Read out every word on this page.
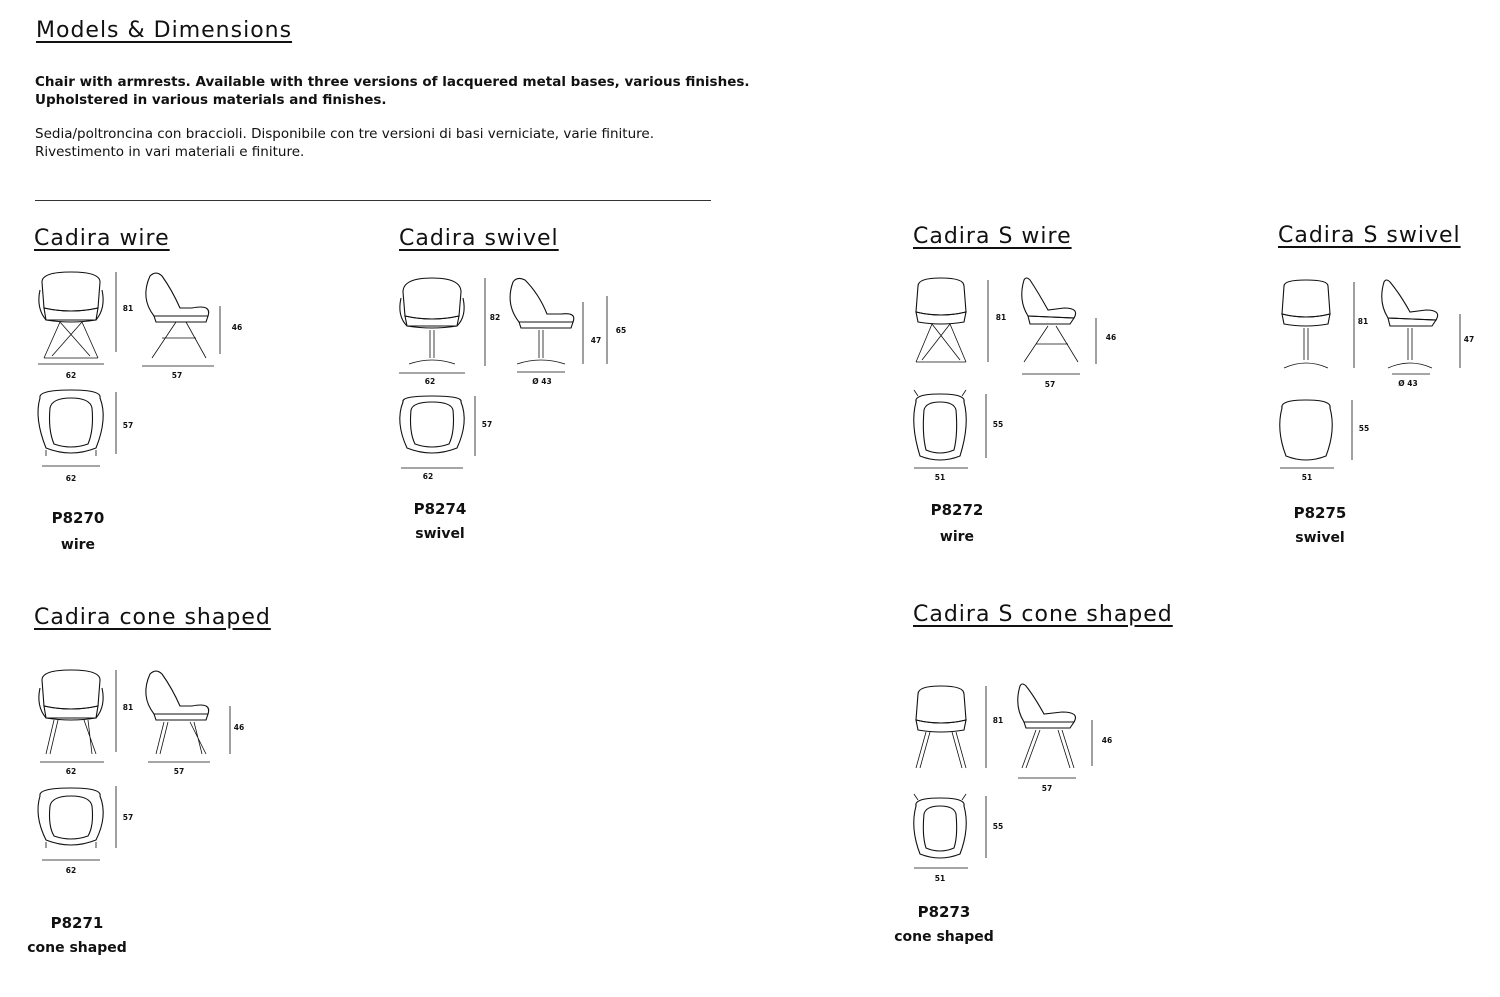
Models & Dimensions
Chair with armrests. Available with three versions of lacquered metal bases, various finishes.
Upholstered in various materials and finishes.
Sedia/poltroncina con braccioli. Disponibile con tre versioni di basi verniciate, varie finiture.
Rivestimento in vari materiali e finiture.
Cadira wire
81
62
46
57
57
62
P8270
wire
Cadira swivel
82
62
47
65
Ø 43
57
62
P8274
swivel
Cadira S wire
81
46
57
55
51
P8272
wire
Cadira S swivel
81
47
Ø 43
55
51
P8275
swivel
Cadira cone shaped
81
62
46
57
57
62
P8271
cone shaped
Cadira S cone shaped
81
46
57
55
51
P8273
cone shaped
